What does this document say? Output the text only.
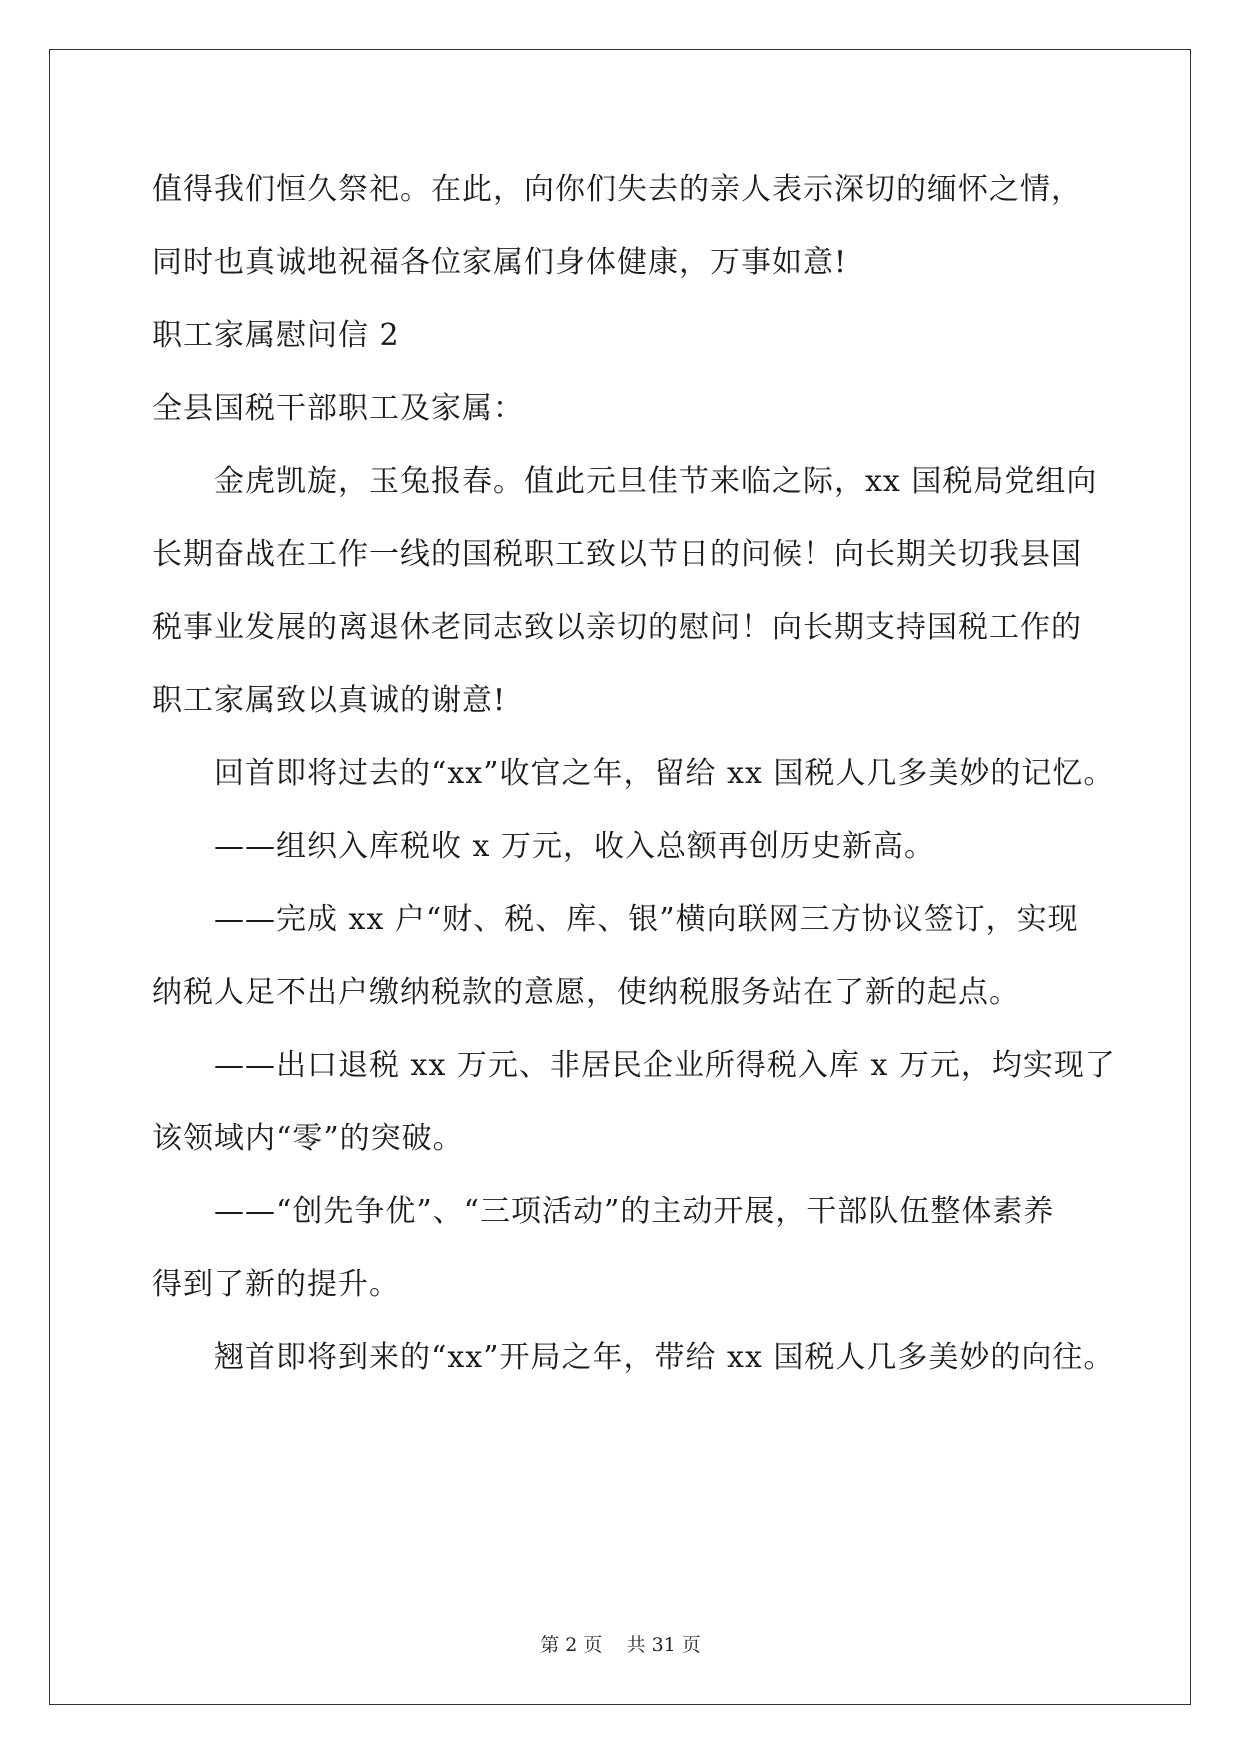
值得我们恒久祭祀。在此，向你们失去的亲人表示深切的缅怀之情，
同时也真诚地祝福各位家属们身体健康，万事如意!
职工家属慰问信 2
全县国税干部职工及家属：
金虎凯旋，玉兔报春。值此元旦佳节来临之际，xx 国税局党组向
长期奋战在工作一线的国税职工致以节日的问候！向长期关切我县国
税事业发展的离退休老同志致以亲切的慰问！向长期支持国税工作的
职工家属致以真诚的谢意!
回首即将过去的“xx”收官之年，留给 xx 国税人几多美妙的记忆。
——组织入库税收 x 万元，收入总额再创历史新高。
——完成 xx 户“财、税、库、银”横向联网三方协议签订，实现
纳税人足不出户缴纳税款的意愿，使纳税服务站在了新的起点。
——出口退税 xx 万元、非居民企业所得税入库 x 万元，均实现了
该领域内“零”的突破。
——“创先争优”、“三项活动”的主动开展，干部队伍整体素养
得到了新的提升。
翘首即将到来的“xx”开局之年，带给 xx 国税人几多美妙的向往。
第 2 页    共 31 页
